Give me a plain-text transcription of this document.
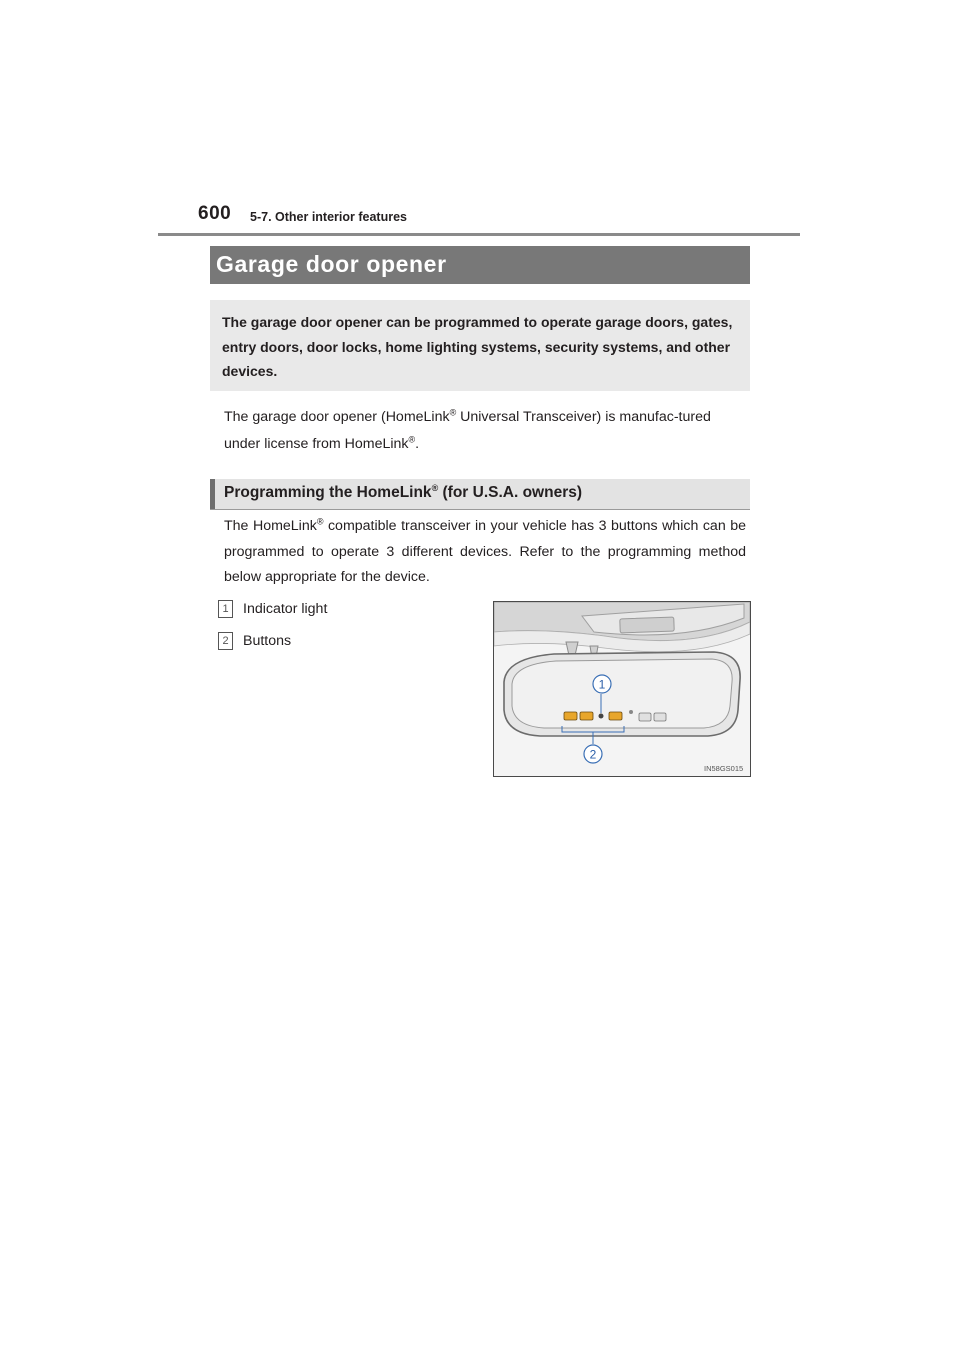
600 5-7. Other interior features
Garage door opener
The garage door opener can be programmed to operate garage doors, gates, entry doors, door locks, home lighting systems, security systems, and other devices.
The garage door opener (HomeLink® Universal Transceiver) is manufac-tured under license from HomeLink®.
Programming the HomeLink® (for U.S.A. owners)
The HomeLink® compatible transceiver in your vehicle has 3 buttons which can be programmed to operate 3 different devices. Refer to the programming method below appropriate for the device.
1	Indicator light
2	Buttons
1
2
IN58GS015
